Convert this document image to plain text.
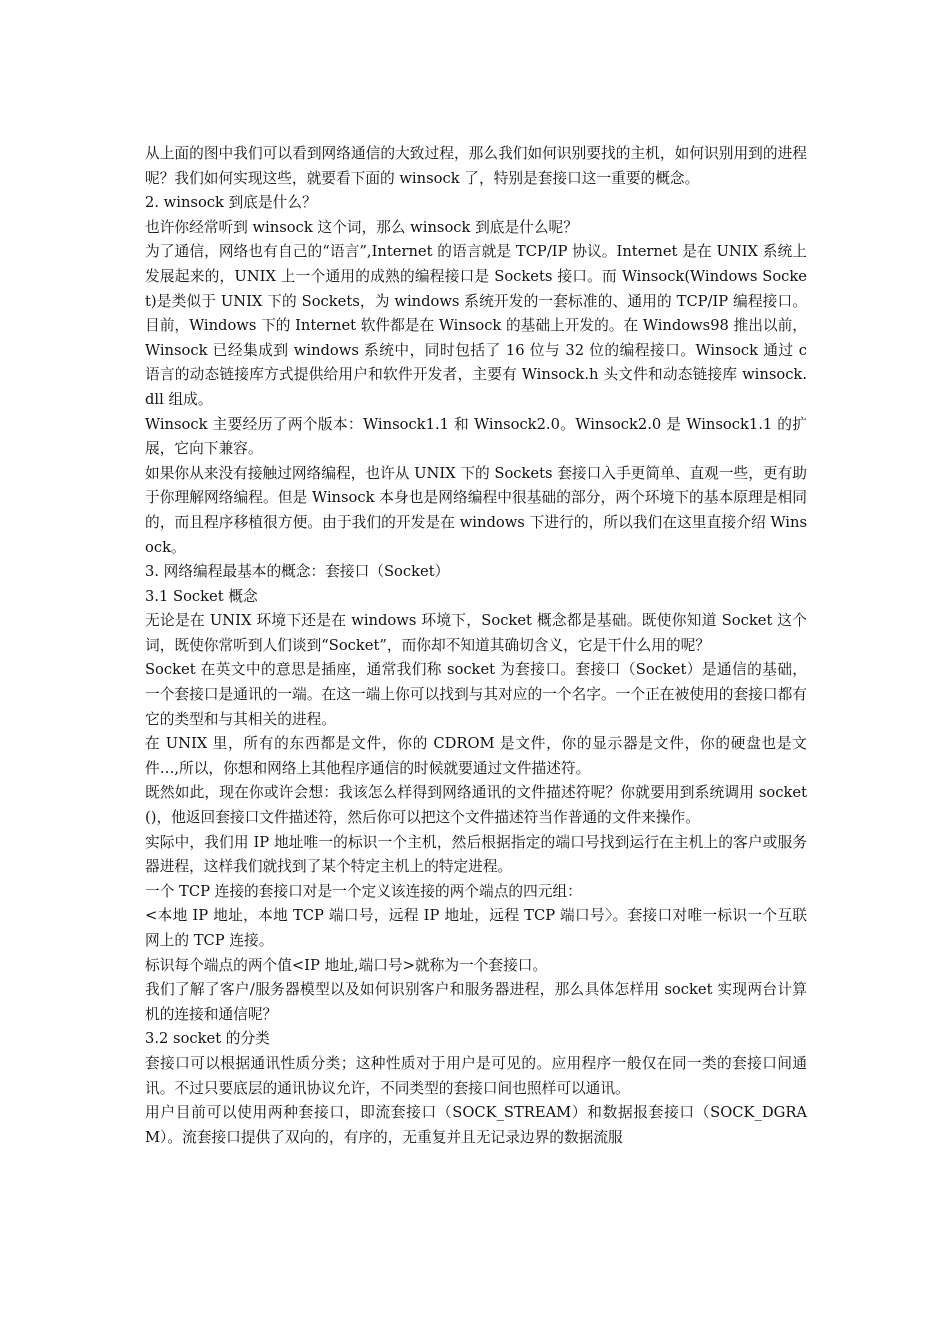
从上面的图中我们可以看到网络通信的大致过程，那么我们如何识别要找的主机，如何识别用到的进程呢？我们如何实现这些，就要看下面的 winsock 了，特别是套接口这一重要的概念。

2. winsock 到底是什么？

也许你经常听到 winsock 这个词，那么 winsock 到底是什么呢？

为了通信，网络也有自己的“语言”,Internet 的语言就是 TCP/IP 协议。Internet 是在 UNIX 系统上发展起来的，UNIX 上一个通用的成熟的编程接口是 Sockets 接口。而 Winsock(Windows Socket)是类似于 UNIX 下的 Sockets，为 windows 系统开发的一套标准的、通用的 TCP/IP 编程接口。目前，Windows 下的 Internet 软件都是在 Winsock 的基础上开发的。在 Windows98 推出以前，Winsock 已经集成到 windows 系统中，同时包括了 16 位与 32 位的编程接口。Winsock 通过 c 语言的动态链接库方式提供给用户和软件开发者，主要有 Winsock.h 头文件和动态链接库 winsock.dll 组成。

Winsock 主要经历了两个版本：Winsock1.1 和 Winsock2.0。Winsock2.0 是 Winsock1.1 的扩展，它向下兼容。

如果你从来没有接触过网络编程，也许从 UNIX 下的 Sockets 套接口入手更简单、直观一些，更有助于你理解网络编程。但是 Winsock 本身也是网络编程中很基础的部分，两个环境下的基本原理是相同的，而且程序移植很方便。由于我们的开发是在 windows 下进行的，所以我们在这里直接介绍 Winsock。

3. 网络编程最基本的概念：套接口（Socket）

3.1 Socket 概念

无论是在 UNIX 环境下还是在 windows 环境下，Socket 概念都是基础。既使你知道 Socket 这个词，既使你常听到人们谈到“Socket”，而你却不知道其确切含义，它是干什么用的呢？

Socket 在英文中的意思是插座，通常我们称 socket 为套接口。套接口（Socket）是通信的基础，一个套接口是通讯的一端。在这一端上你可以找到与其对应的一个名字。一个正在被使用的套接口都有它的类型和与其相关的进程。

在 UNIX 里，所有的东西都是文件，你的 CDROM 是文件，你的显示器是文件，你的硬盘也是文件…,所以，你想和网络上其他程序通信的时候就要通过文件描述符。

既然如此，现在你或许会想：我该怎么样得到网络通讯的文件描述符呢？你就要用到系统调用 socket()，他返回套接口文件描述符，然后你可以把这个文件描述符当作普通的文件来操作。

实际中，我们用 IP 地址唯一的标识一个主机，然后根据指定的端口号找到运行在主机上的客户或服务器进程，这样我们就找到了某个特定主机上的特定进程。

一个 TCP 连接的套接口对是一个定义该连接的两个端点的四元组：

<本地 IP 地址，本地 TCP 端口号，远程 IP 地址，远程 TCP 端口号〉。套接口对唯一标识一个互联网上的 TCP 连接。

标识每个端点的两个值<IP 地址,端口号>就称为一个套接口。

我们了解了客户/服务器模型以及如何识别客户和服务器进程，那么具体怎样用 socket 实现两台计算机的连接和通信呢？

3.2 socket 的分类

套接口可以根据通讯性质分类；这种性质对于用户是可见的。应用程序一般仅在同一类的套接口间通讯。不过只要底层的通讯协议允许，不同类型的套接口间也照样可以通讯。

用户目前可以使用两种套接口，即流套接口（SOCK_STREAM）和数据报套接口（SOCK_DGRAM）。流套接口提供了双向的，有序的，无重复并且无记录边界的数据流服
